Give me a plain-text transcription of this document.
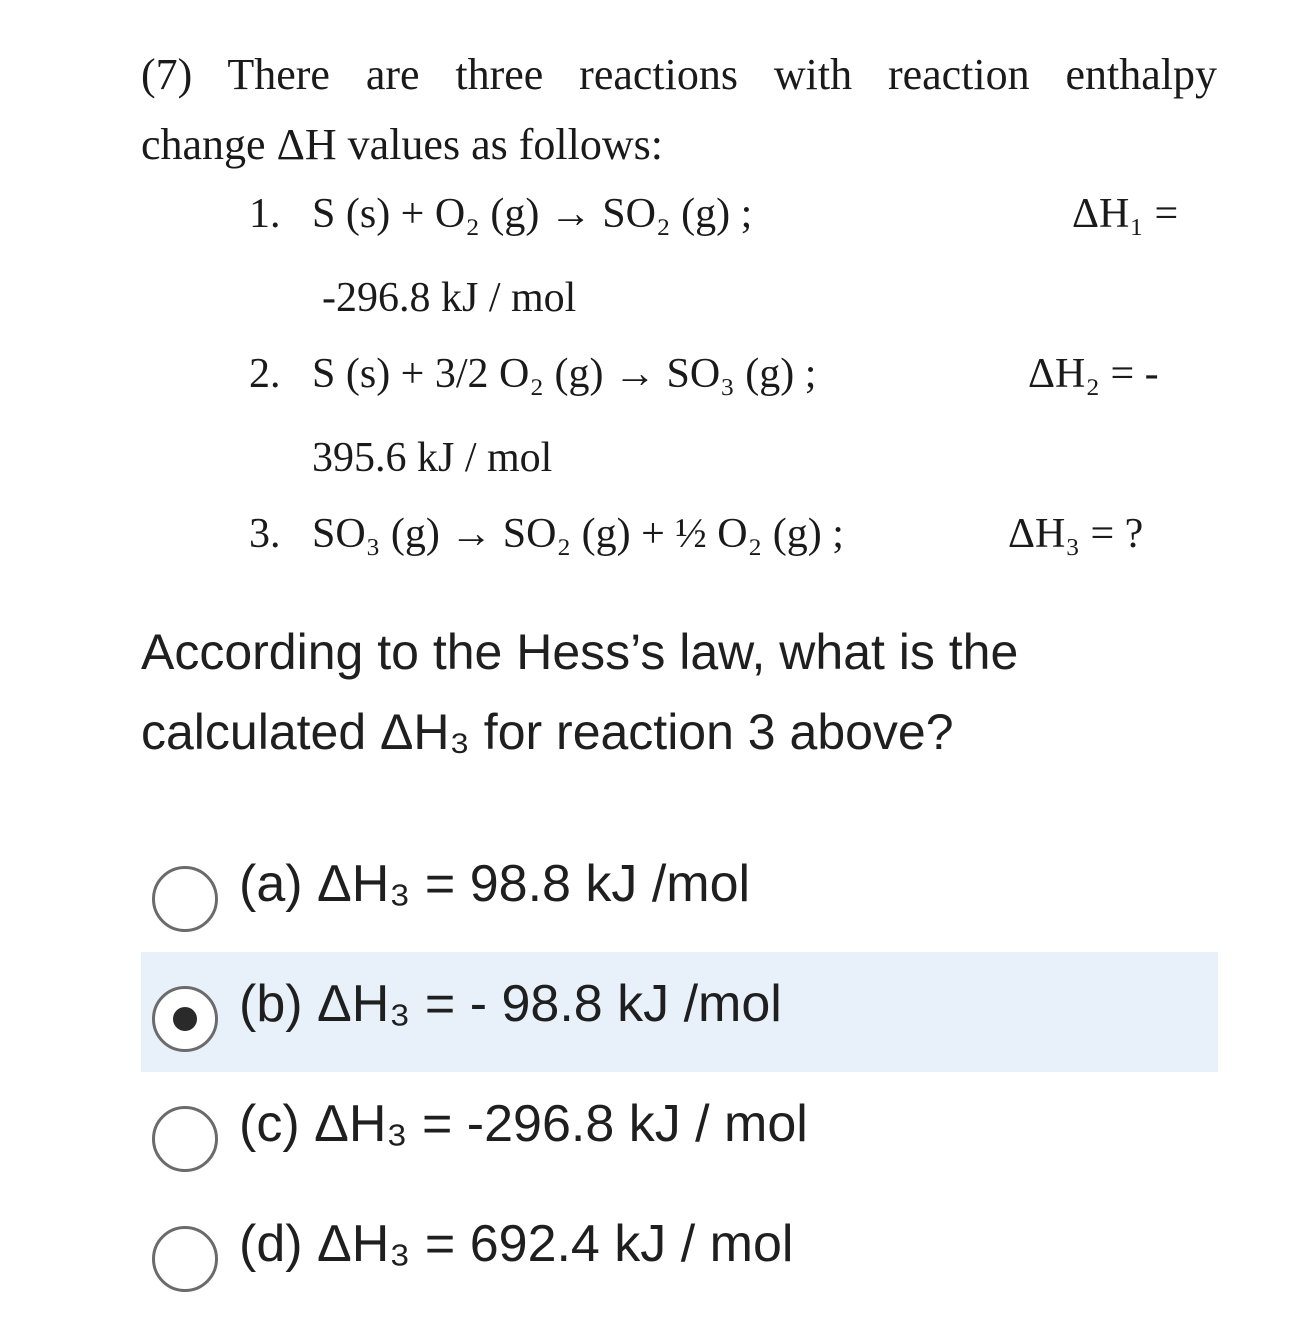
(7) There are three reactions with reaction enthalpy
change ΔH values as follows:
1. S (s) + O₂ (g) → SO₂ (g) ;	ΔH₁ =
-296.8 kJ / mol
2. S (s) + 3/2 O₂ (g) → SO₃ (g) ;	ΔH₂ = -
395.6 kJ / mol
3. SO₃ (g) → SO₂ (g) + ½ O₂ (g) ;	ΔH₃ = ?
According to the Hess’s law, what is the
calculated ΔH₃ for reaction 3 above?
(a) ΔH₃ = 98.8 kJ /mol
(b) ΔH₃ = - 98.8 kJ /mol
(c) ΔH₃ = -296.8 kJ / mol
(d) ΔH₃ = 692.4 kJ / mol
